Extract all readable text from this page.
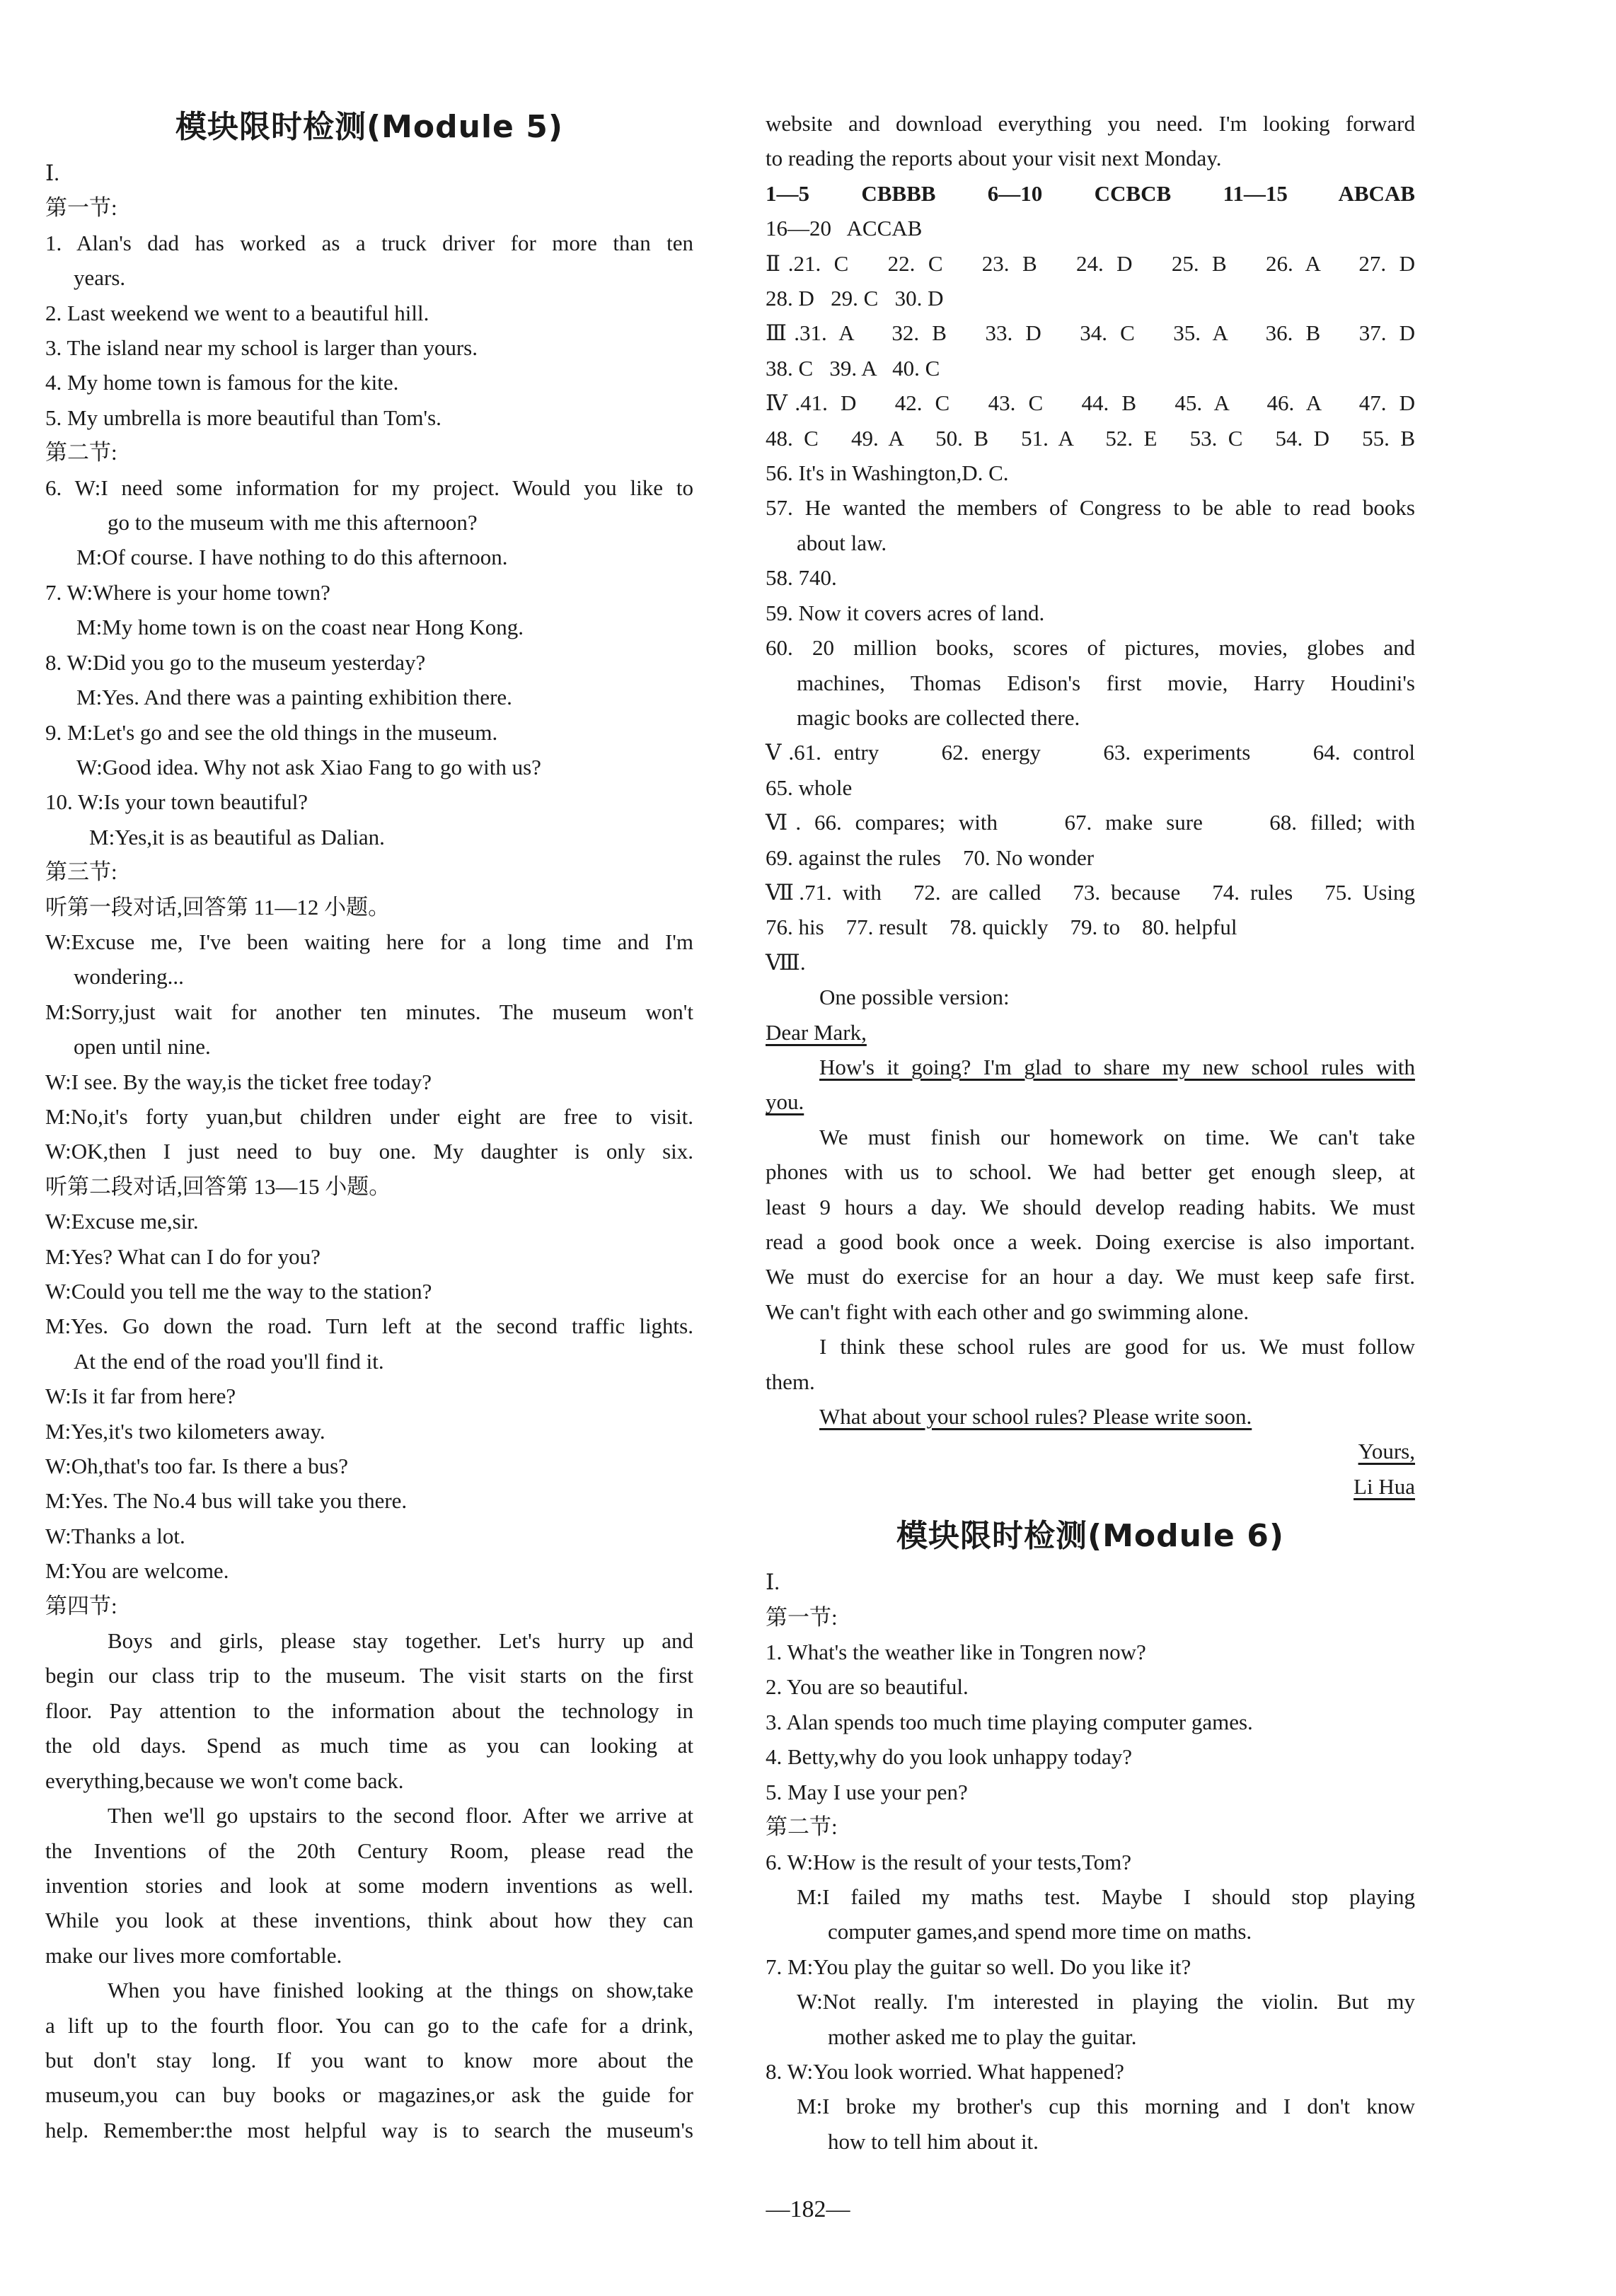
模块限时检测(Module 5)
Ⅰ.
第一节:
1. Alan's dad has worked as a truck driver for more than ten
years.
2. Last weekend we went to a beautiful hill.
3. The island near my school is larger than yours.
4. My home town is famous for the kite.
5. My umbrella is more beautiful than Tom's.
第二节:
6. W:I need some information for my project. Would you like to
go to the museum with me this afternoon?
M:Of course. I have nothing to do this afternoon.
7. W:Where is your home town?
M:My home town is on the coast near Hong Kong.
8. W:Did you go to the museum yesterday?
M:Yes. And there was a painting exhibition there.
9. M:Let's go and see the old things in the museum.
W:Good idea. Why not ask Xiao Fang to go with us?
10. W:Is your town beautiful?
M:Yes,it is as beautiful as Dalian.
第三节:
听第一段对话,回答第 11—12 小题。
W:Excuse me, I've been waiting here for a long time and I'm
wondering...
M:Sorry,just wait for another ten minutes. The museum won't
open until nine.
W:I see. By the way,is the ticket free today?
M:No,it's forty yuan,but children under eight are free to visit.
W:OK,then I just need to buy one. My daughter is only six.
听第二段对话,回答第 13—15 小题。
W:Excuse me,sir.
M:Yes? What can I do for you?
W:Could you tell me the way to the station?
M:Yes. Go down the road. Turn left at the second traffic lights.
At the end of the road you'll find it.
W:Is it far from here?
M:Yes,it's two kilometers away.
W:Oh,that's too far. Is there a bus?
M:Yes. The No.4 bus will take you there.
W:Thanks a lot.
M:You are welcome.
第四节:
Boys and girls, please stay together. Let's hurry up and
begin our class trip to the museum. The visit starts on the first
floor. Pay attention to the information about the technology in
the old days. Spend as much time as you can looking at
everything,because we won't come back.
Then we'll go upstairs to the second floor. After we arrive at
the Inventions of the 20th Century Room, please read the
invention stories and look at some modern inventions as well.
While you look at these inventions, think about how they can
make our lives more comfortable.
When you have finished looking at the things on show,take
a lift up to the fourth floor. You can go to the cafe for a drink,
but don't stay long. If you want to know more about the
museum,you can buy books or magazines,or ask the guide for
help. Remember:the most helpful way is to search the museum's
website and download everything you need. I'm looking forward
to reading the reports about your visit next Monday.
1—5   CBBBB   6—10   CCBCB   11—15   ABCAB
16—20   ACCAB
Ⅱ.21. C   22. C   23. B   24. D   25. B   26. A   27. D
28. D   29. C   30. D
Ⅲ.31. A   32. B   33. D   34. C   35. A   36. B   37. D
38. C   39. A   40. C
Ⅳ.41. D   42. C   43. C   44. B   45. A   46. A   47. D
48. C   49. A   50. B   51. A   52. E   53. C   54. D   55. B
56. It's in Washington,D. C.
57. He wanted the members of Congress to be able to read books
about law.
58. 740.
59. Now it covers acres of land.
60. 20 million books, scores of pictures, movies, globes and
machines, Thomas Edison's first movie, Harry Houdini's
magic books are collected there.
Ⅴ.61. entry     62. energy     63. experiments     64. control
65. whole
Ⅵ. 66. compares; with     67. make sure     68. filled; with
69. against the rules    70. No wonder
Ⅶ.71. with   72. are called   73. because   74. rules   75. Using
76. his    77. result    78. quickly    79. to    80. helpful
Ⅷ.
One possible version:
Dear Mark,
How's it going? I'm glad to share my new school rules with
you.
We must finish our homework on time. We can't take
phones with us to school. We had better get enough sleep, at
least 9 hours a day. We should develop reading habits. We must
read a good book once a week. Doing exercise is also important.
We must do exercise for an hour a day. We must keep safe first.
We can't fight with each other and go swimming alone.
I think these school rules are good for us. We must follow
them.
What about your school rules? Please write soon.
Yours,
Li Hua
模块限时检测(Module 6)
Ⅰ.
第一节:
1. What's the weather like in Tongren now?
2. You are so beautiful.
3. Alan spends too much time playing computer games.
4. Betty,why do you look unhappy today?
5. May I use your pen?
第二节:
6. W:How is the result of your tests,Tom?
M:I failed my maths test. Maybe I should stop playing
computer games,and spend more time on maths.
7. M:You play the guitar so well. Do you like it?
W:Not really. I'm interested in playing the violin. But my
mother asked me to play the guitar.
8. W:You look worried. What happened?
M:I broke my brother's cup this morning and I don't know
how to tell him about it.
—182—
